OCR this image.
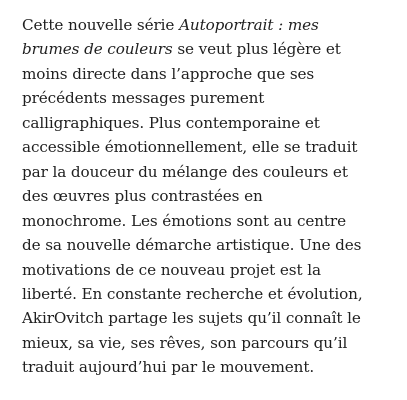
Cette nouvelle série Autoportrait : mes
brumes de couleurs se veut plus légère et
moins directe dans l’approche que ses
précédents messages purement
calligraphiques. Plus contemporaine et
accessible émotionnellement, elle se traduit
par la douceur du mélange des couleurs et
des œuvres plus contrastées en
monochrome. Les émotions sont au centre
de sa nouvelle démarche artistique. Une des
motivations de ce nouveau projet est la
liberté. En constante recherche et évolution,
AkirOvitch partage les sujets qu’il connaît le
mieux, sa vie, ses rêves, son parcours qu’il
traduit aujourd’hui par le mouvement.
